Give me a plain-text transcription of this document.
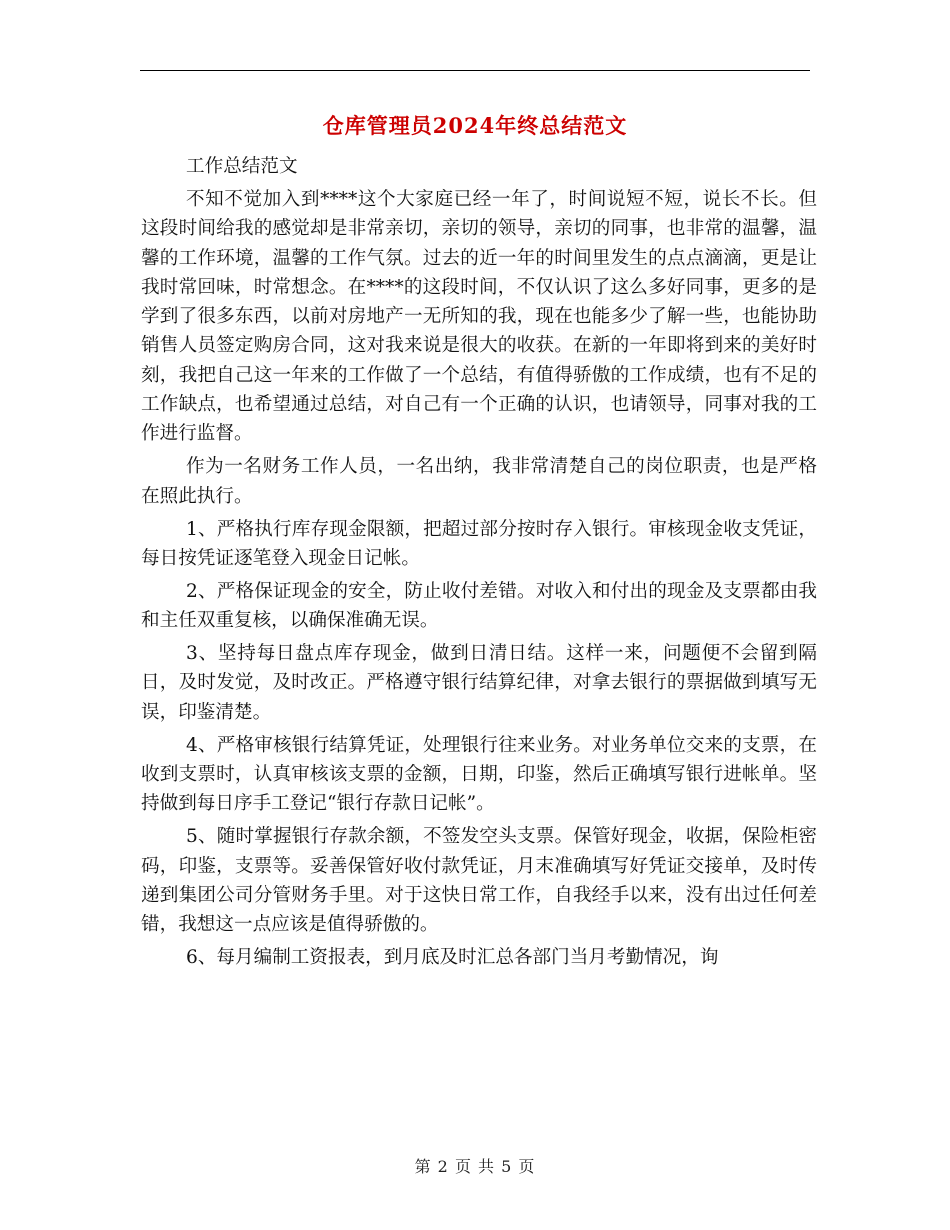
仓库管理员2024年终总结范文

工作总结范文

不知不觉加入到****这个大家庭已经一年了，时间说短不短，说长不长。但这段时间给我的感觉却是非常亲切，亲切的领导，亲切的同事，也非常的温馨，温馨的工作环境，温馨的工作气氛。过去的近一年的时间里发生的点点滴滴，更是让我时常回味，时常想念。在****的这段时间，不仅认识了这么多好同事，更多的是学到了很多东西，以前对房地产一无所知的我，现在也能多少了解一些，也能协助销售人员签定购房合同，这对我来说是很大的收获。在新的一年即将到来的美好时刻，我把自己这一年来的工作做了一个总结，有值得骄傲的工作成绩，也有不足的工作缺点，也希望通过总结，对自己有一个正确的认识，也请领导，同事对我的工作进行监督。

作为一名财务工作人员，一名出纳，我非常清楚自己的岗位职责，也是严格在照此执行。

1、严格执行库存现金限额，把超过部分按时存入银行。审核现金收支凭证，每日按凭证逐笔登入现金日记帐。

2、严格保证现金的安全，防止收付差错。对收入和付出的现金及支票都由我和主任双重复核，以确保准确无误。

3、坚持每日盘点库存现金，做到日清日结。这样一来，问题便不会留到隔日，及时发觉，及时改正。严格遵守银行结算纪律，对拿去银行的票据做到填写无误，印鉴清楚。

4、严格审核银行结算凭证，处理银行往来业务。对业务单位交来的支票，在收到支票时，认真审核该支票的金额，日期，印鉴，然后正确填写银行进帐单。坚持做到每日序手工登记“银行存款日记帐”。

5、随时掌握银行存款余额，不签发空头支票。保管好现金，收据，保险柜密码，印鉴，支票等。妥善保管好收付款凭证，月末准确填写好凭证交接单，及时传递到集团公司分管财务手里。对于这快日常工作，自我经手以来，没有出过任何差错，我想这一点应该是值得骄傲的。

6、每月编制工资报表，到月底及时汇总各部门当月考勤情况，询

第 2 页 共 5 页
